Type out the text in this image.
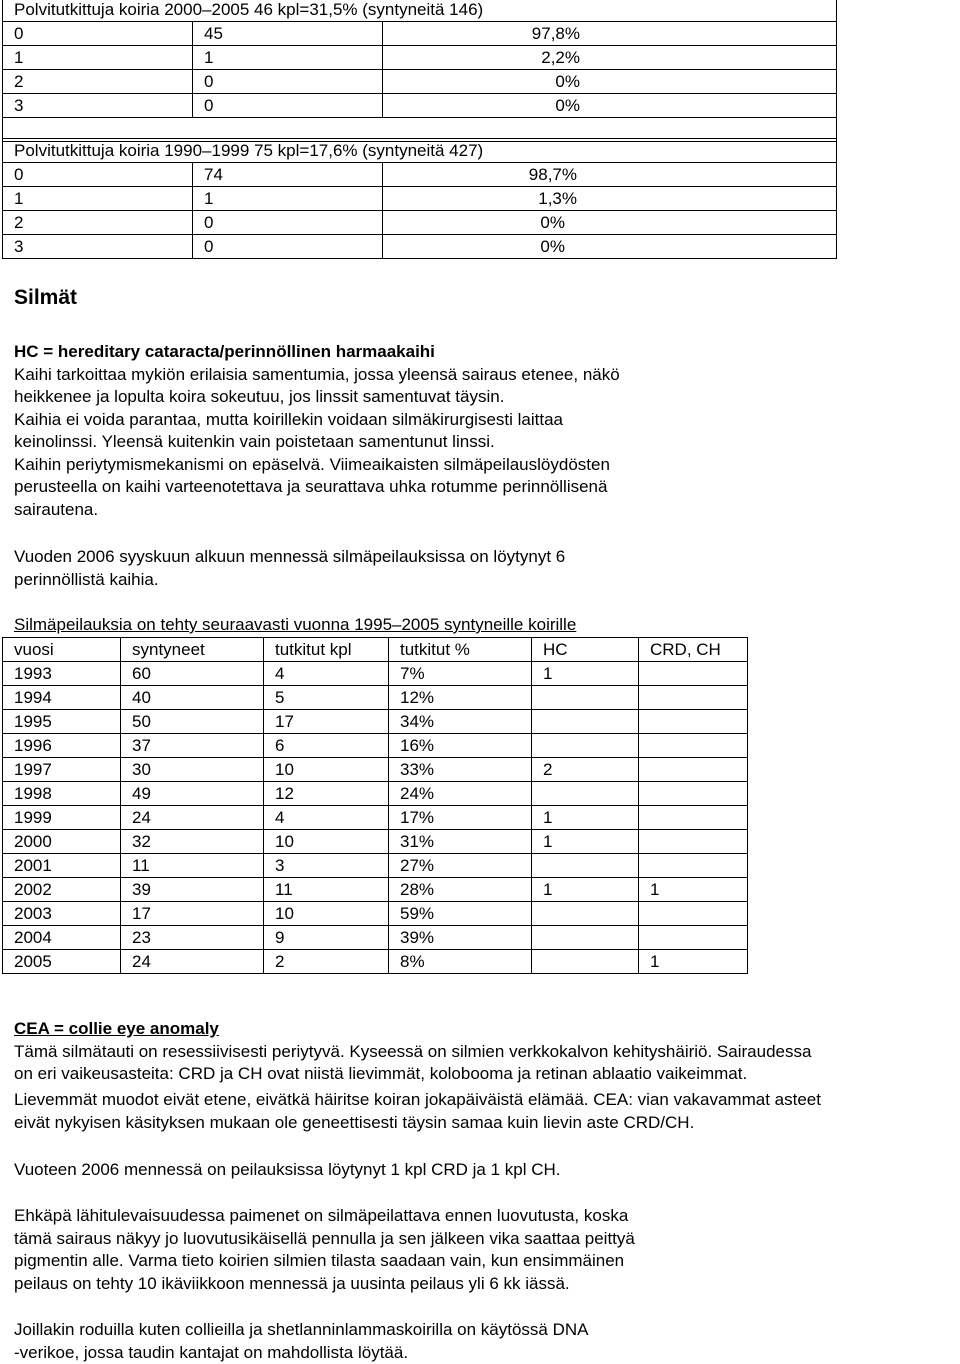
Polvitutkittuja koiria 2000–2005 46 kpl=31,5% (syntyneitä 146)		
0	45	97,8%
1	1	2,2%
2	0	0%
3	0	0%

Polvitutkittuja koiria 1990–1999 75 kpl=17,6% (syntyneitä 427)		
0	74	98,7%
1	1	1,3%
2	0	0%
3	0	0%
Silmät

HC = hereditary cataracta/perinnöllinen harmaakaihi

Kaihi tarkoittaa mykiön erilaisia samentumia, jossa yleensä sairaus etenee, näkö

heikkenee ja lopulta koira sokeutuu, jos linssit samentuvat täysin.

Kaihia ei voida parantaa, mutta koirillekin voidaan silmäkirurgisesti laittaa

keinolinssi. Yleensä kuitenkin vain poistetaan samentunut linssi.

Kaihin periytymismekanismi on epäselvä. Viimeaikaisten silmäpeilauslöydösten

perusteella on kaihi varteenotettava ja seurattava uhka rotumme perinnöllisenä

sairautena.

Vuoden 2006 syyskuun alkuun mennessä silmäpeilauksissa on löytynyt 6

perinnöllistä kaihia.

Silmäpeilauksia on tehty seuraavasti vuonna 1995–2005 syntyneille koirille

vuosi	syntyneet	tutkitut kpl	tutkitut %	HC	CRD, CH
1993	60	4	7%	1	
1994	40	5	12%		
1995	50	17	34%		
1996	37	6	16%		
1997	30	10	33%	2	
1998	49	12	24%		
1999	24	4	17%	1	
2000	32	10	31%	1	
2001	11	3	27%		
2002	39	11	28%	1	1
2003	17	10	59%		
2004	23	9	39%		
2005	24	2	8%		1

CEA = collie eye anomaly

Tämä silmätauti on resessiivisesti periytyvä. Kyseessä on silmien verkkokalvon kehityshäiriö. Sairaudessa

on eri vaikeusasteita: CRD ja CH ovat niistä lievimmät, kolobooma ja retinan ablaatio vaikeimmat.

Lievemmät muodot eivät etene, eivätkä häiritse koiran jokapäiväistä elämää. CEA: vian vakavammat asteet

eivät nykyisen käsityksen mukaan ole geneettisesti täysin samaa kuin lievin aste CRD/CH.

Vuoteen 2006 mennessä on peilauksissa löytynyt 1 kpl CRD ja 1 kpl CH.

Ehkäpä lähitulevaisuudessa paimenet on silmäpeilattava ennen luovutusta, koska

tämä sairaus näkyy jo luovutusikäisellä pennulla ja sen jälkeen vika saattaa peittyä

pigmentin alle. Varma tieto koirien silmien tilasta saadaan vain, kun ensimmäinen

peilaus on tehty 10 ikäviikkoon mennessä ja uusinta peilaus yli 6 kk iässä.

Joillakin roduilla kuten collieilla ja shetlanninlammaskoirilla on käytössä DNA

-verikoe, jossa taudin kantajat on mahdollista löytää.
